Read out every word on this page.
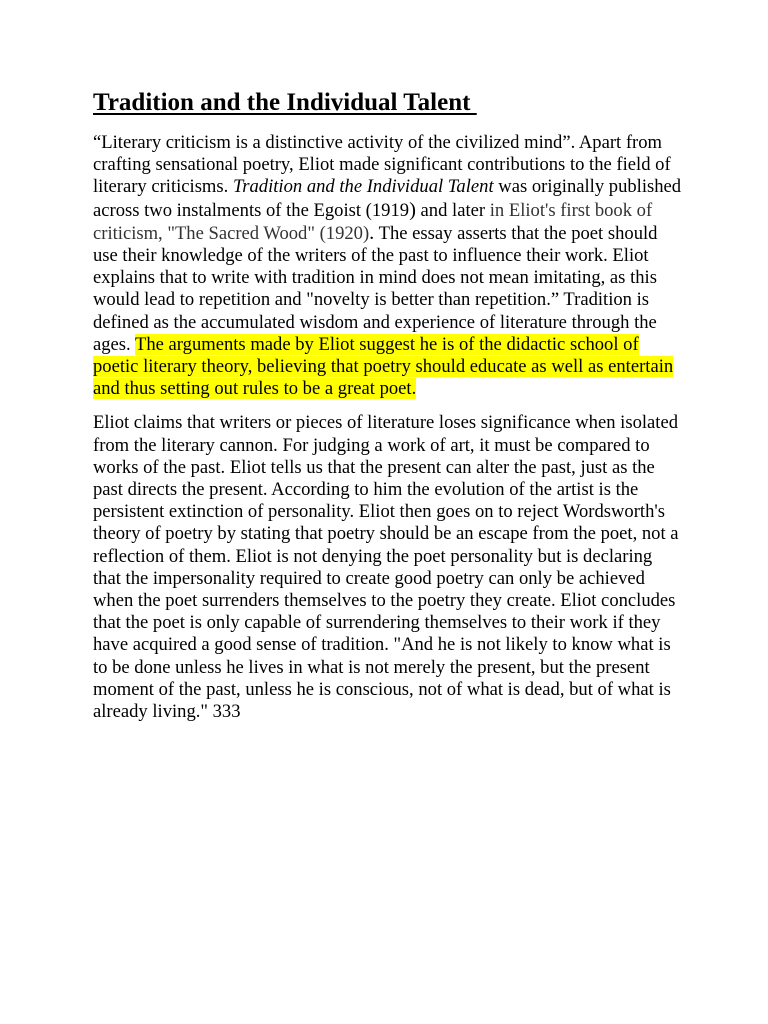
Tradition and the Individual Talent

“Literary criticism is a distinctive activity of the civilized mind”. Apart from crafting sensational poetry, Eliot made significant contributions to the field of literary criticisms. Tradition and the Individual Talent was originally published across two instalments of the Egoist (1919) and later in Eliot's first book of criticism, "The Sacred Wood" (1920). The essay asserts that the poet should use their knowledge of the writers of the past to influence their work. Eliot explains that to write with tradition in mind does not mean imitating, as this would lead to repetition and "novelty is better than repetition.” Tradition is defined as the accumulated wisdom and experience of literature through the ages. The arguments made by Eliot suggest he is of the didactic school of poetic literary theory, believing that poetry should educate as well as entertain and thus setting out rules to be a great poet.

Eliot claims that writers or pieces of literature loses significance when isolated from the literary cannon. For judging a work of art, it must be compared to works of the past. Eliot tells us that the present can alter the past, just as the past directs the present. According to him the evolution of the artist is the persistent extinction of personality. Eliot then goes on to reject Wordsworth's theory of poetry by stating that poetry should be an escape from the poet, not a reflection of them. Eliot is not denying the poet personality but is declaring that the impersonality required to create good poetry can only be achieved when the poet surrenders themselves to the poetry they create. Eliot concludes that the poet is only capable of surrendering themselves to their work if they have acquired a good sense of tradition. "And he is not likely to know what is to be done unless he lives in what is not merely the present, but the present moment of the past, unless he is conscious, not of what is dead, but of what is already living." 333
